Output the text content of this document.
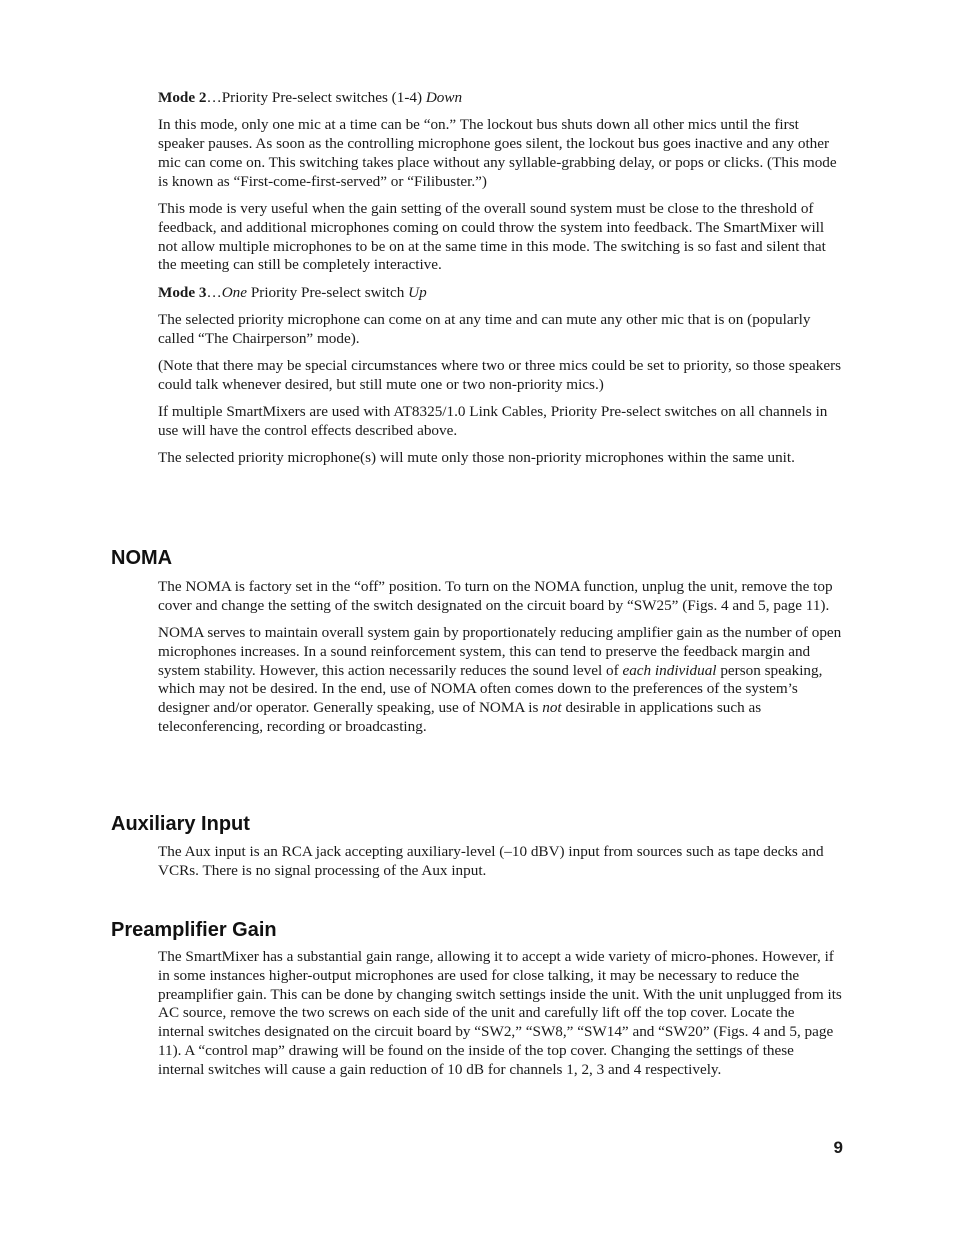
Mode 2…Priority Pre-select switches (1-4) Down

In this mode, only one mic at a time can be “on.” The lockout bus shuts down all other mics until the first speaker pauses. As soon as the controlling microphone goes silent, the lockout bus goes inactive and any other mic can come on. This switching takes place without any syllable-grabbing delay, or pops or clicks. (This mode is known as “First-come-first-served” or “Filibuster.”)

This mode is very useful when the gain setting of the overall sound system must be close to the threshold of feedback, and additional microphones coming on could throw the system into feedback. The SmartMixer will not allow multiple microphones to be on at the same time in this mode. The switching is so fast and silent that the meeting can still be completely interactive.

Mode 3…One Priority Pre-select switch Up

The selected priority microphone can come on at any time and can mute any other mic that is on (popularly called “The Chairperson” mode).

(Note that there may be special circumstances where two or three mics could be set to priority, so those speakers could talk whenever desired, but still mute one or two non-priority mics.)

If multiple SmartMixers are used with AT8325/1.0 Link Cables, Priority Pre-select switches on all channels in use will have the control effects described above.

The selected priority microphone(s) will mute only those non-priority microphones within the same unit.

NOMA

The NOMA is factory set in the “off” position. To turn on the NOMA function, unplug the unit, remove the top cover and change the setting of the switch designated on the circuit board by “SW25” (Figs. 4 and 5, page 11).

NOMA serves to maintain overall system gain by proportionately reducing amplifier gain as the number of open microphones increases. In a sound reinforcement system, this can tend to preserve the feedback margin and system stability. However, this action necessarily reduces the sound level of each individual person speaking, which may not be desired. In the end, use of NOMA often comes down to the preferences of the system’s designer and/or operator. Generally speaking, use of NOMA is not desirable in applications such as teleconferencing, recording or broadcasting.

Auxiliary Input

The Aux input is an RCA jack accepting auxiliary-level (–10 dBV) input from sources such as tape decks and VCRs. There is no signal processing of the Aux input.

Preamplifier Gain

The SmartMixer has a substantial gain range, allowing it to accept a wide variety of micro-phones. However, if in some instances higher-output microphones are used for close talking, it may be necessary to reduce the preamplifier gain. This can be done by changing switch settings inside the unit. With the unit unplugged from its AC source, remove the two screws on each side of the unit and carefully lift off the top cover. Locate the internal switches designated on the circuit board by “SW2,” “SW8,” “SW14” and “SW20” (Figs. 4 and 5, page 11). A “control map” drawing will be found on the inside of the top cover. Changing the settings of these internal switches will cause a gain reduction of 10 dB for channels 1, 2, 3 and 4 respectively.

9
